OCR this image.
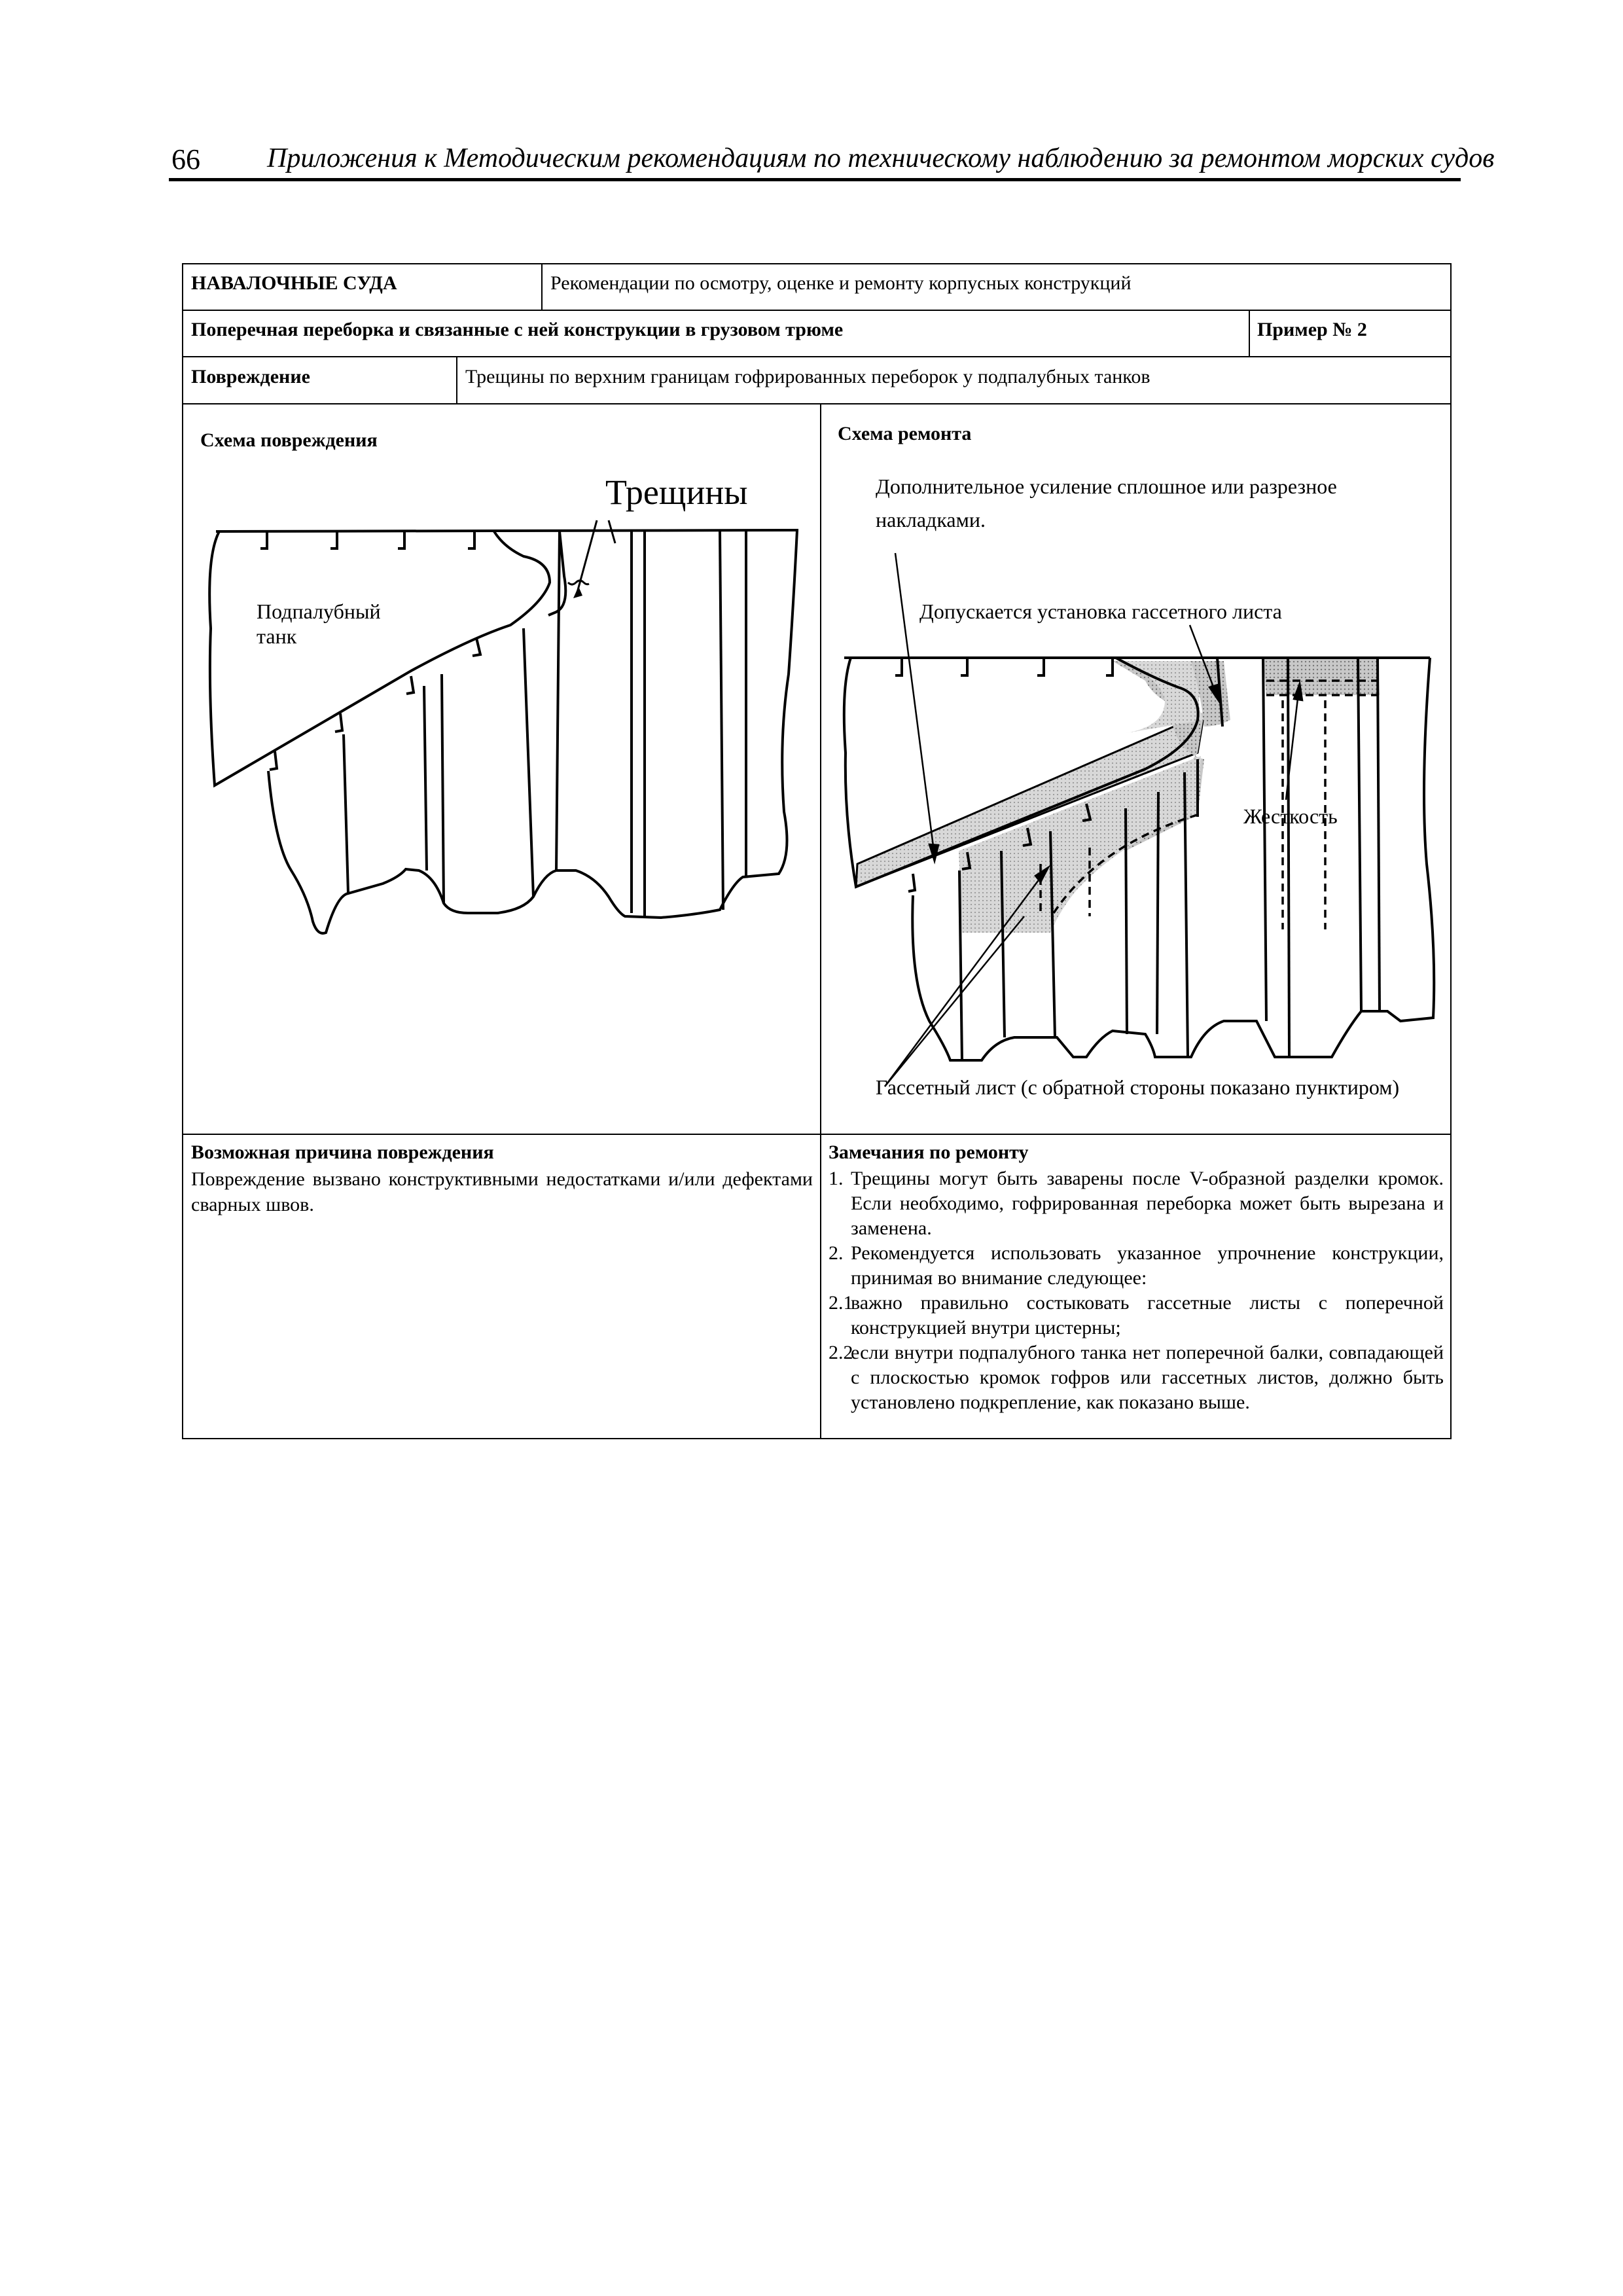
66 Приложения к Методическим рекомендациям по техническому наблюдению за ремонтом морских судов
НАВАЛОЧНЫЕ СУДА	Рекомендации по осмотру, оценке и ремонту корпусных конструкций
Поперечная переборка и связанные с ней конструкции в грузовом трюме	Пример № 2
Повреждение	Трещины по верхним границам гофрированных переборок у подпалубных танков
Схема повреждения	Схема ремонта
Трещины
Подпалубный
танк
Дополнительное усиление сплошное или разрезное
накладками.
Допускается установка гассетного листа
Жесткость
Гассетный лист (с обратной стороны показано пунктиром)
Возможная причина повреждения
Повреждение вызвано конструктивными недостатками и/или дефектами сварных швов.
Замечания по ремонту
1. Трещины могут быть заварены после V-образной разделки кромок. Если необходимо, гофрированная переборка может быть вырезана и заменена.
2. Рекомендуется использовать указанное упрочнение конструкции, принимая во внимание следующее:
2.1
важно правильно состыковать гассетные листы с поперечной конструкцией внутри цистерны;
2.2
если внутри подпалубного танка нет поперечной балки, совпадающей с плоскостью кромок гофров или гассетных листов, должно быть установлено подкрепление, как показано выше.
